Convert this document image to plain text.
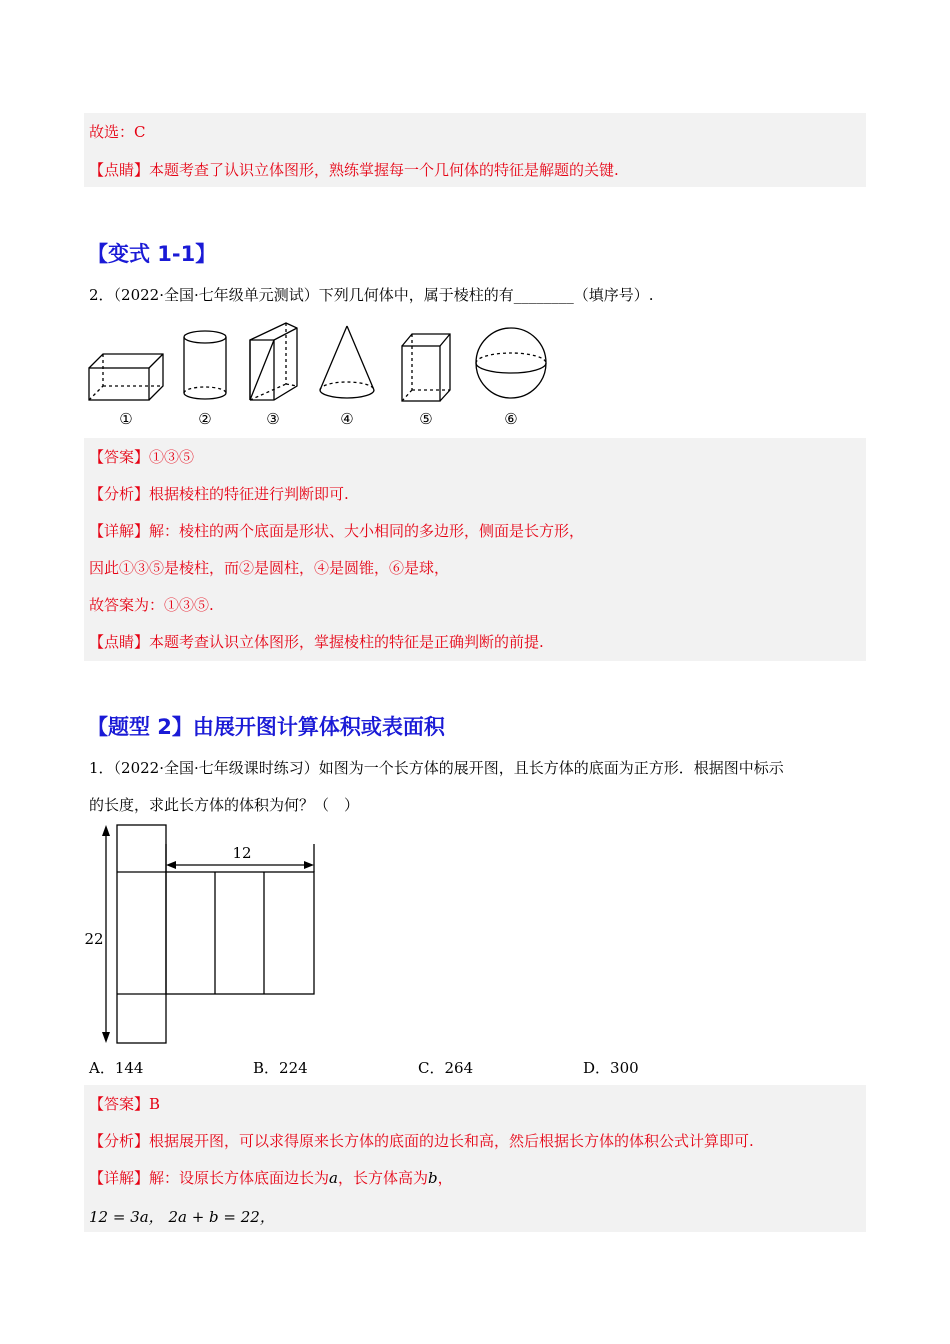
故选：C
【点睛】本题考查了认识立体图形，熟练掌握每一个几何体的特征是解题的关键.
【变式 1-1】
2．（2022·全国·七年级单元测试）下列几何体中，属于棱柱的有________（填序号）.
①	②	③	④	⑤	⑥
【答案】①③⑤
【分析】根据棱柱的特征进行判断即可.
【详解】解：棱柱的两个底面是形状、大小相同的多边形，侧面是长方形，
因此①③⑤是棱柱，而②是圆柱，④是圆锥，⑥是球，
故答案为：①③⑤.
【点睛】本题考查认识立体图形，掌握棱柱的特征是正确判断的前提.
【题型 2】由展开图计算体积或表面积
1．（2022·全国·七年级课时练习）如图为一个长方体的展开图，且长方体的底面为正方形．根据图中标示
的长度，求此长方体的体积为何？（　）
12
22
A．144	B．224	C．264	D．300
【答案】B
【分析】根据展开图，可以求得原来长方体的底面的边长和高，然后根据长方体的体积公式计算即可.
【详解】解：设原长方体底面边长为a，长方体高为b，
12 = 3a， 2a + b = 22，
